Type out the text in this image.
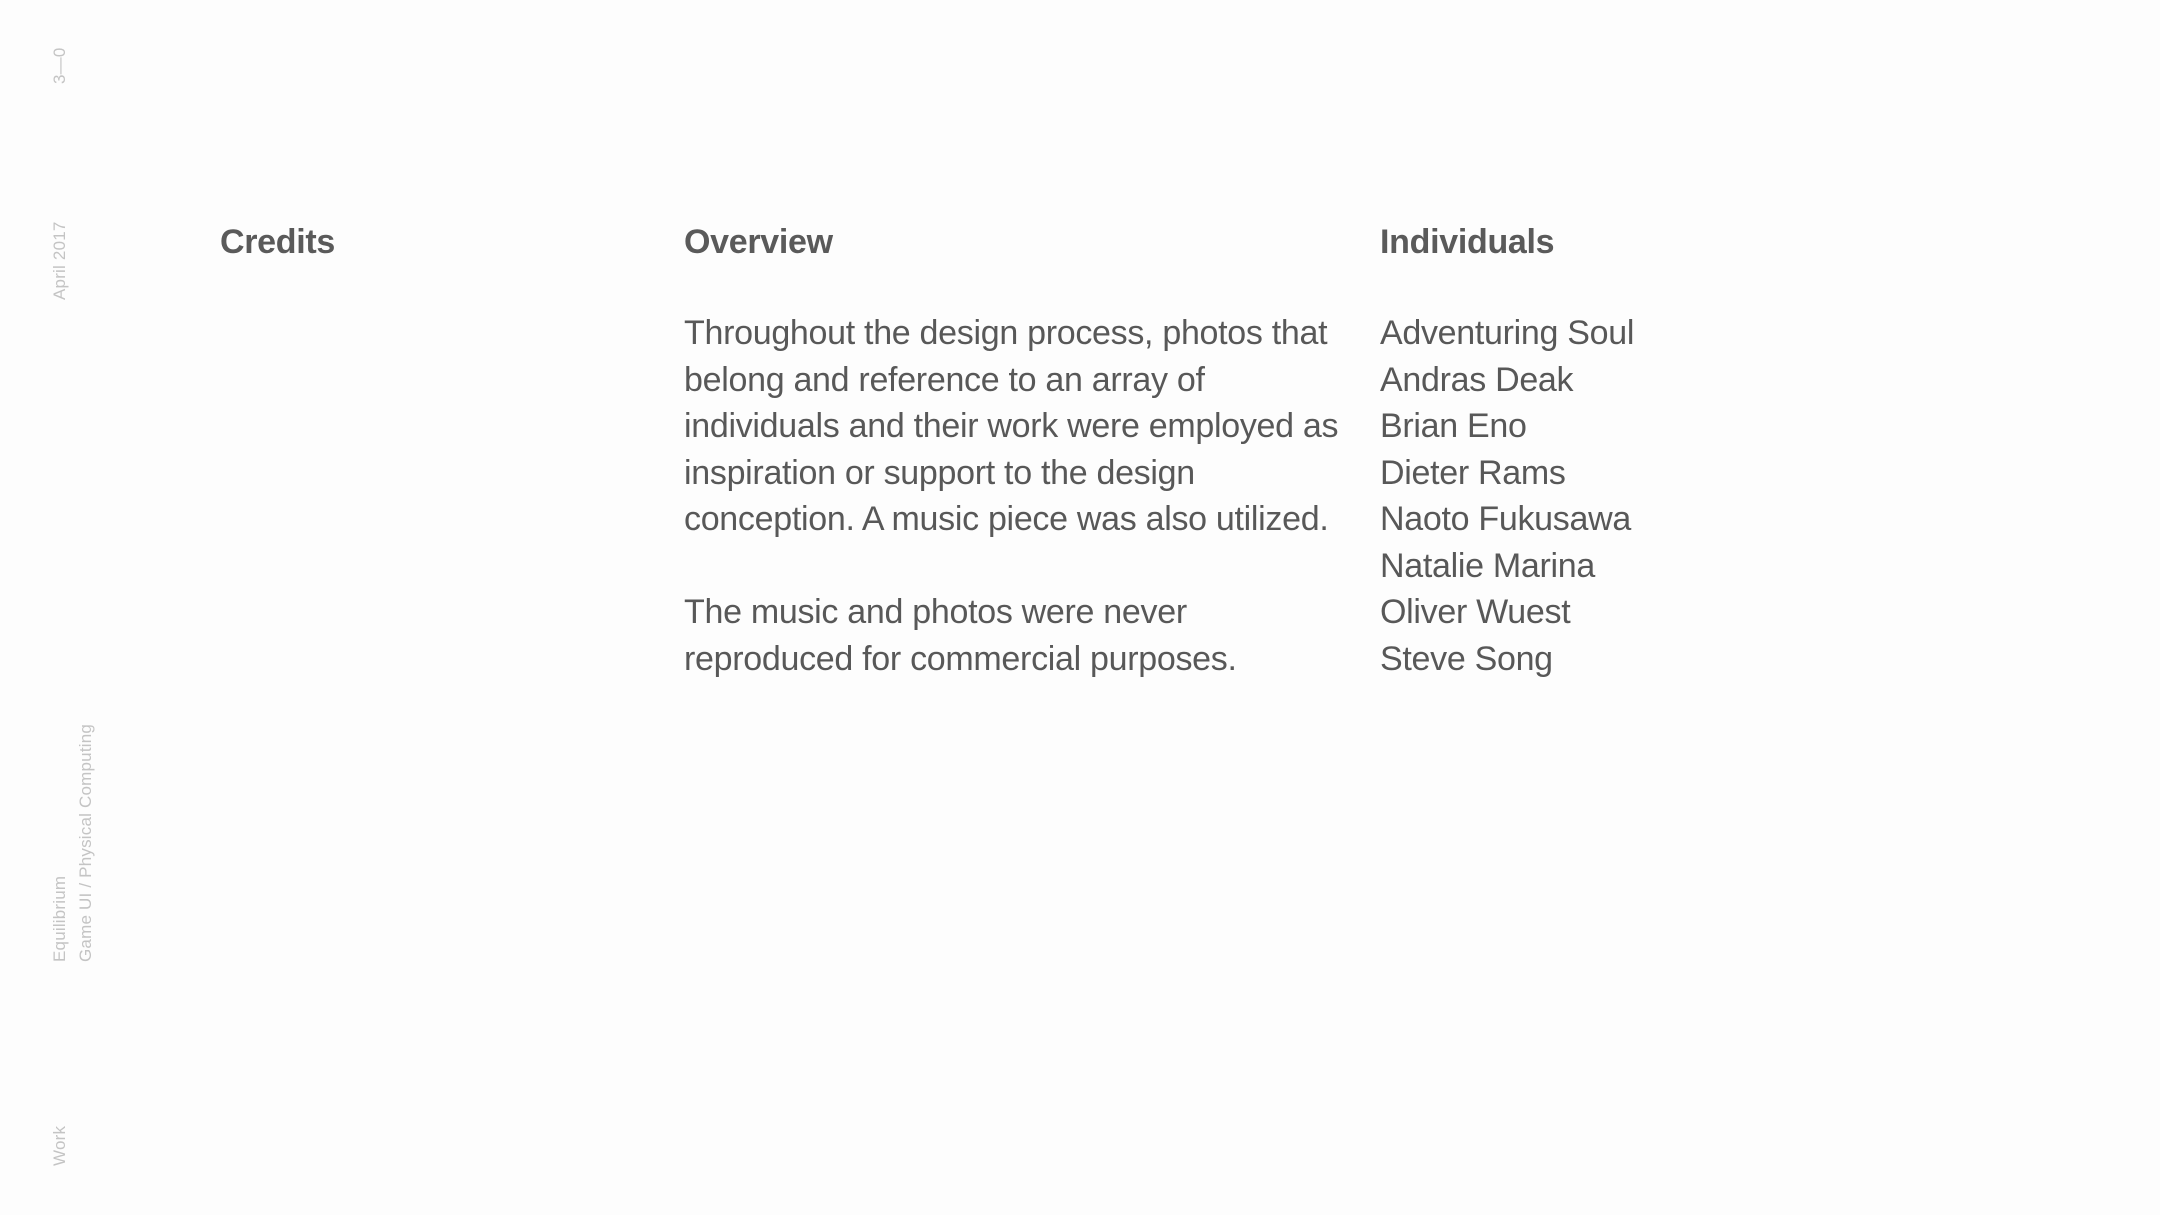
3—0
April 2017
Equilibrium Game UI / Physical Computing
Work
Credits	Overview	Individuals

Throughout the design process, photos that belong and reference to an array of individuals and their work were employed as inspiration or support to the design conception. A music piece was also utilized.

The music and photos were never reproduced for commercial purposes.

Adventuring Soul
Andras Deak
Brian Eno
Dieter Rams
Naoto Fukusawa
Natalie Marina
Oliver Wuest
Steve Song
